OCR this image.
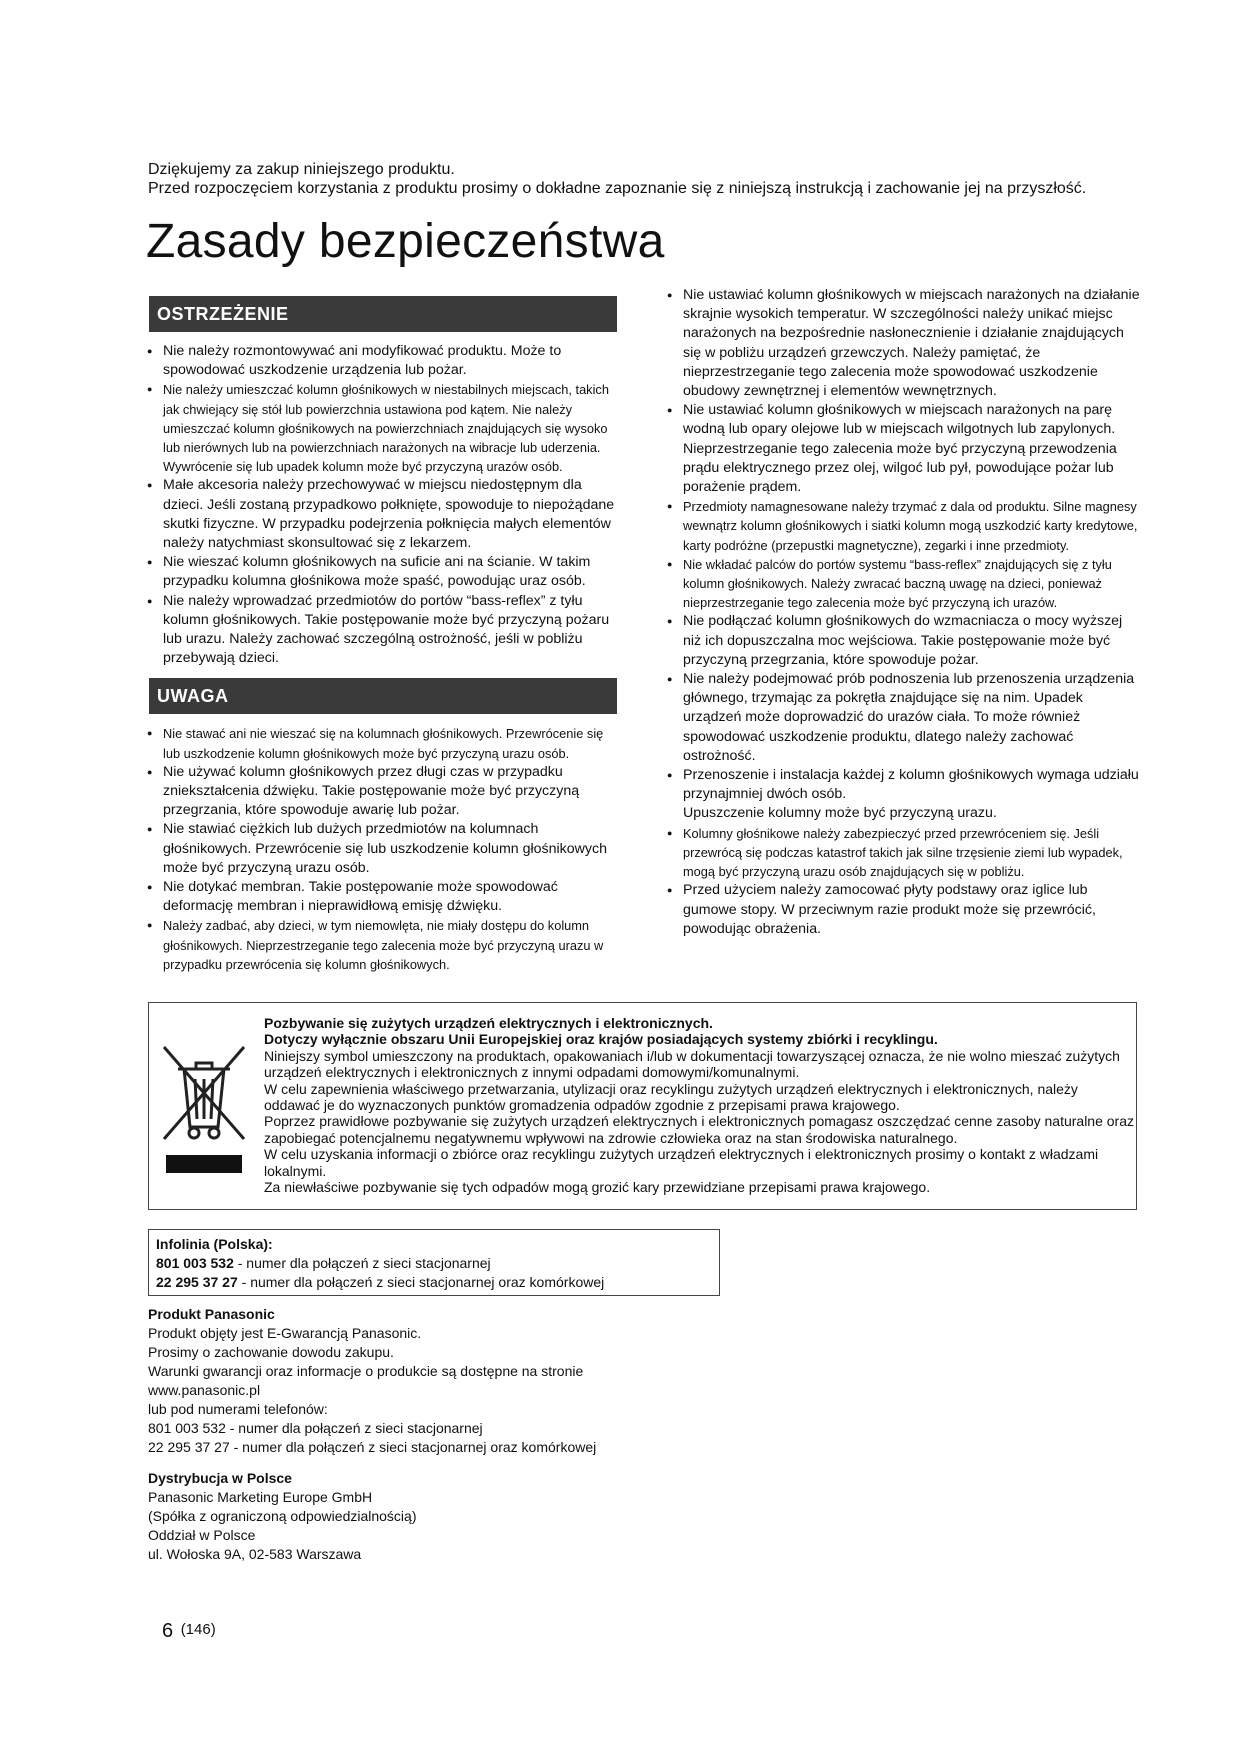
Dziękujemy za zakup niniejszego produktu.
Przed rozpoczęciem korzystania z produktu prosimy o dokładne zapoznanie się z niniejszą instrukcją i zachowanie jej na przyszłość.
Zasady bezpieczeństwa
OSTRZEŻENIE
● Nie należy rozmontowywać ani modyfikować produktu. Może to spowodować uszkodzenie urządzenia lub pożar.
● Nie należy umieszczać kolumn głośnikowych w niestabilnych miejscach, takich jak chwiejący się stół lub powierzchnia ustawiona pod kątem. Nie należy umieszczać kolumn głośnikowych na powierzchniach znajdujących się wysoko lub nierównych lub na powierzchniach narażonych na wibracje lub uderzenia. Wywrócenie się lub upadek kolumn może być przyczyną urazów osób.
● Małe akcesoria należy przechowywać w miejscu niedostępnym dla dzieci. Jeśli zostaną przypadkowo połknięte, spowoduje to niepożądane skutki fizyczne. W przypadku podejrzenia połknięcia małych elementów należy natychmiast skonsultować się z lekarzem.
● Nie wieszać kolumn głośnikowych na suficie ani na ścianie. W takim przypadku kolumna głośnikowa może spaść, powodując uraz osób.
● Nie należy wprowadzać przedmiotów do portów “bass-reflex” z tyłu kolumn głośnikowych. Takie postępowanie może być przyczyną pożaru lub urazu. Należy zachować szczególną ostrożność, jeśli w pobliżu przebywają dzieci.
UWAGA
● Nie stawać ani nie wieszać się na kolumnach głośnikowych. Przewrócenie się lub uszkodzenie kolumn głośnikowych może być przyczyną urazu osób.
● Nie używać kolumn głośnikowych przez długi czas w przypadku zniekształcenia dźwięku. Takie postępowanie może być przyczyną przegrzania, które spowoduje awarię lub pożar.
● Nie stawiać ciężkich lub dużych przedmiotów na kolumnach głośnikowych. Przewrócenie się lub uszkodzenie kolumn głośnikowych może być przyczyną urazu osób.
● Nie dotykać membran. Takie postępowanie może spowodować deformację membran i nieprawidłową emisję dźwięku.
● Należy zadbać, aby dzieci, w tym niemowlęta, nie miały dostępu do kolumn głośnikowych. Nieprzestrzeganie tego zalecenia może być przyczyną urazu w przypadku przewrócenia się kolumn głośnikowych.
● Nie ustawiać kolumn głośnikowych w miejscach narażonych na działanie skrajnie wysokich temperatur. W szczególności należy unikać miejsc narażonych na bezpośrednie nasłonecznienie i działanie znajdujących się w pobliżu urządzeń grzewczych. Należy pamiętać, że nieprzestrzeganie tego zalecenia może spowodować uszkodzenie obudowy zewnętrznej i elementów wewnętrznych.
● Nie ustawiać kolumn głośnikowych w miejscach narażonych na parę wodną lub opary olejowe lub w miejscach wilgotnych lub zapylonych. Nieprzestrzeganie tego zalecenia może być przyczyną przewodzenia prądu elektrycznego przez olej, wilgoć lub pył, powodujące pożar lub porażenie prądem.
● Przedmioty namagnesowane należy trzymać z dala od produktu. Silne magnesy wewnątrz kolumn głośnikowych i siatki kolumn mogą uszkodzić karty kredytowe, karty podróżne (przepustki magnetyczne), zegarki i inne przedmioty.
● Nie wkładać palców do portów systemu “bass-reflex” znajdujących się z tyłu kolumn głośnikowych. Należy zwracać baczną uwagę na dzieci, ponieważ nieprzestrzeganie tego zalecenia może być przyczyną ich urazów.
● Nie podłączać kolumn głośnikowych do wzmacniacza o mocy wyższej niż ich dopuszczalna moc wejściowa. Takie postępowanie może być przyczyną przegrzania, które spowoduje pożar.
● Nie należy podejmować prób podnoszenia lub przenoszenia urządzenia głównego, trzymając za pokrętła znajdujące się na nim. Upadek urządzeń może doprowadzić do urazów ciała. To może również spowodować uszkodzenie produktu, dlatego należy zachować ostrożność.
● Przenoszenie i instalacja każdej z kolumn głośnikowych wymaga udziału przynajmniej dwóch osób.
Upuszczenie kolumny może być przyczyną urazu.
● Kolumny głośnikowe należy zabezpieczyć przed przewróceniem się. Jeśli przewrócą się podczas katastrof takich jak silne trzęsienie ziemi lub wypadek, mogą być przyczyną urazu osób znajdujących się w pobliżu.
● Przed użyciem należy zamocować płyty podstawy oraz iglice lub gumowe stopy. W przeciwnym razie produkt może się przewrócić, powodując obrażenia.
Pozbywanie się zużytych urządzeń elektrycznych i elektronicznych.
Dotyczy wyłącznie obszaru Unii Europejskiej oraz krajów posiadających systemy zbiórki i recyklingu.
Niniejszy symbol umieszczony na produktach, opakowaniach i/lub w dokumentacji towarzyszącej oznacza, że nie wolno mieszać zużytych urządzeń elektrycznych i elektronicznych z innymi odpadami domowymi/komunalnymi.
W celu zapewnienia właściwego przetwarzania, utylizacji oraz recyklingu zużytych urządzeń elektrycznych i elektronicznych, należy oddawać je do wyznaczonych punktów gromadzenia odpadów zgodnie z przepisami prawa krajowego.
Poprzez prawidłowe pozbywanie się zużytych urządzeń elektrycznych i elektronicznych pomagasz oszczędzać cenne zasoby naturalne oraz zapobiegać potencjalnemu negatywnemu wpływowi na zdrowie człowieka oraz na stan środowiska naturalnego.
W celu uzyskania informacji o zbiórce oraz recyklingu zużytych urządzeń elektrycznych i elektronicznych prosimy o kontakt z władzami lokalnymi.
Za niewłaściwe pozbywanie się tych odpadów mogą grozić kary przewidziane przepisami prawa krajowego.
Infolinia (Polska):
801 003 532 - numer dla połączeń z sieci stacjonarnej
22 295 37 27 - numer dla połączeń z sieci stacjonarnej oraz komórkowej
Produkt Panasonic
Produkt objęty jest E-Gwarancją Panasonic.
Prosimy o zachowanie dowodu zakupu.
Warunki gwarancji oraz informacje o produkcie są dostępne na stronie
www.panasonic.pl
lub pod numerami telefonów:
801 003 532 - numer dla połączeń z sieci stacjonarnej
22 295 37 27 - numer dla połączeń z sieci stacjonarnej oraz komórkowej
Dystrybucja w Polsce
Panasonic Marketing Europe GmbH
(Spółka z ograniczoną odpowiedzialnością)
Oddział w Polsce
ul. Wołoska 9A, 02-583 Warszawa
6 (146)
